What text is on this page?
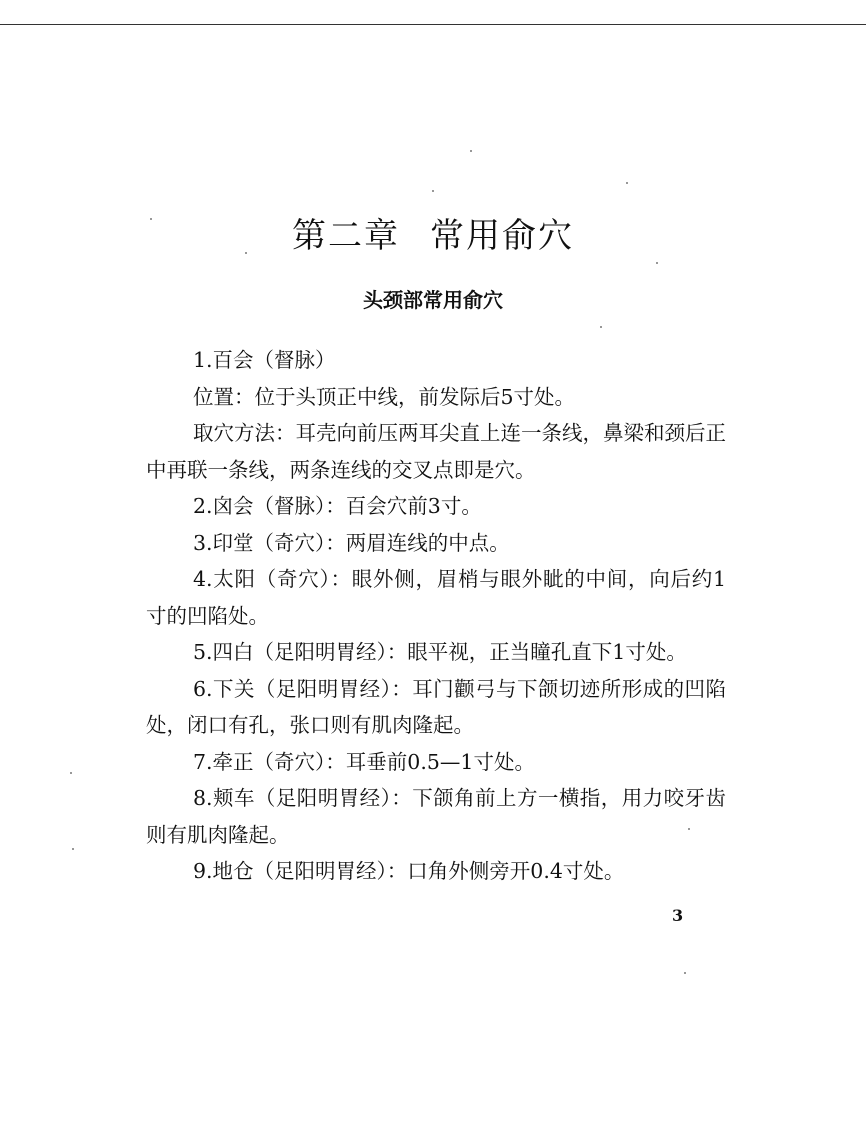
第二章 常用俞穴
头颈部常用俞穴

1.百会（督脉）

位置：位于头顶正中线，前发际后5寸处。

取穴方法：耳壳向前压两耳尖直上连一条线，鼻梁和颈后正中再联一条线，两条连线的交叉点即是穴。

2.囟会（督脉）：百会穴前3寸。

3.印堂（奇穴）：两眉连线的中点。

4.太阳（奇穴）：眼外侧，眉梢与眼外眦的中间，向后约1寸的凹陷处。

5.四白（足阳明胃经）：眼平视，正当瞳孔直下1寸处。

6.下关（足阳明胃经）：耳门颧弓与下颌切迹所形成的凹陷处，闭口有孔，张口则有肌肉隆起。

7.牵正（奇穴）：耳垂前0.5—1寸处。

8.颊车（足阳明胃经）：下颌角前上方一横指，用力咬牙齿则有肌肉隆起。

9.地仓（足阳明胃经）：口角外侧旁开0.4寸处。

3
